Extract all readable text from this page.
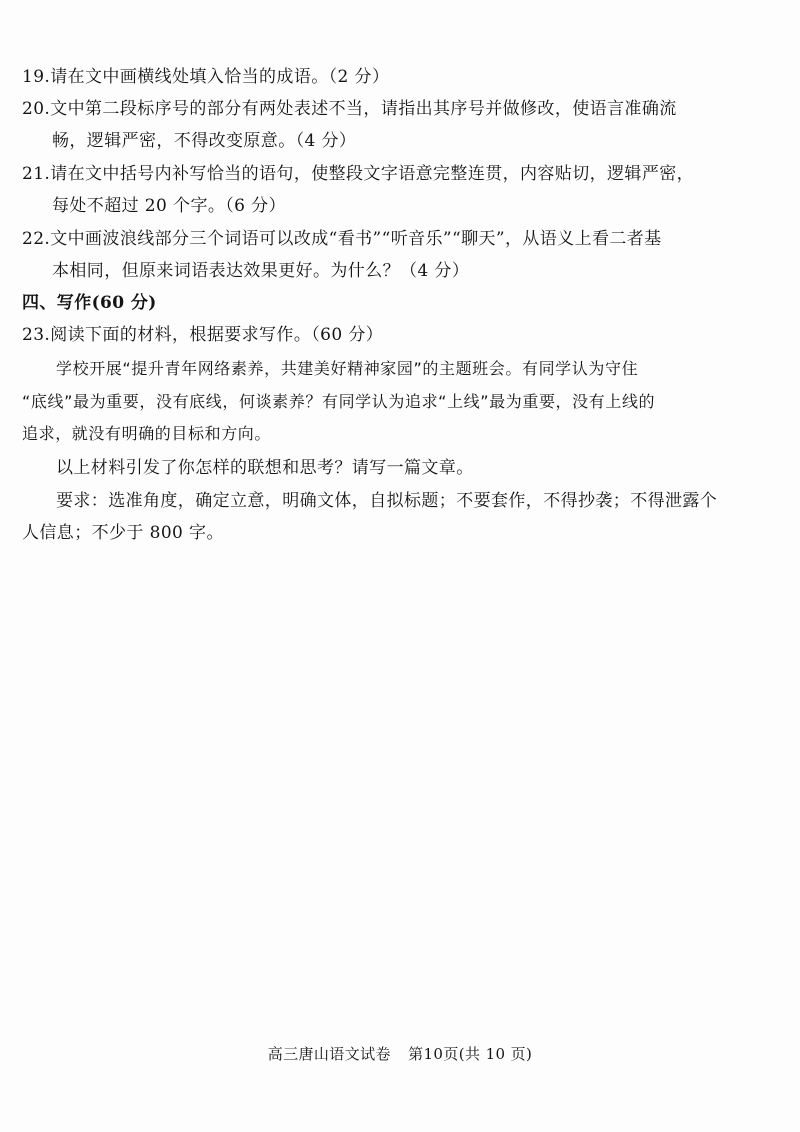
19.请在文中画横线处填入恰当的成语。（2 分）
20.文中第二段标序号的部分有两处表述不当，请指出其序号并做修改，使语言准确流
畅，逻辑严密，不得改变原意。（4 分）
21.请在文中括号内补写恰当的语句，使整段文字语意完整连贯，内容贴切，逻辑严密，
每处不超过 20 个字。（6 分）
22.文中画波浪线部分三个词语可以改成“看书”“听音乐”“聊天”，从语义上看二者基
本相同，但原来词语表达效果更好。为什么？（4 分）
四、写作(60 分)
23.阅读下面的材料，根据要求写作。（60 分）
学校开展“提升青年网络素养，共建美好精神家园”的主题班会。有同学认为守住
“底线”最为重要，没有底线，何谈素养？有同学认为追求“上线”最为重要，没有上线的
追求，就没有明确的目标和方向。
以上材料引发了你怎样的联想和思考？请写一篇文章。
要求：选准角度，确定立意，明确文体，自拟标题；不要套作，不得抄袭；不得泄露个
人信息；不少于 800 字。
高三唐山语文试卷 第10页(共 10 页)
